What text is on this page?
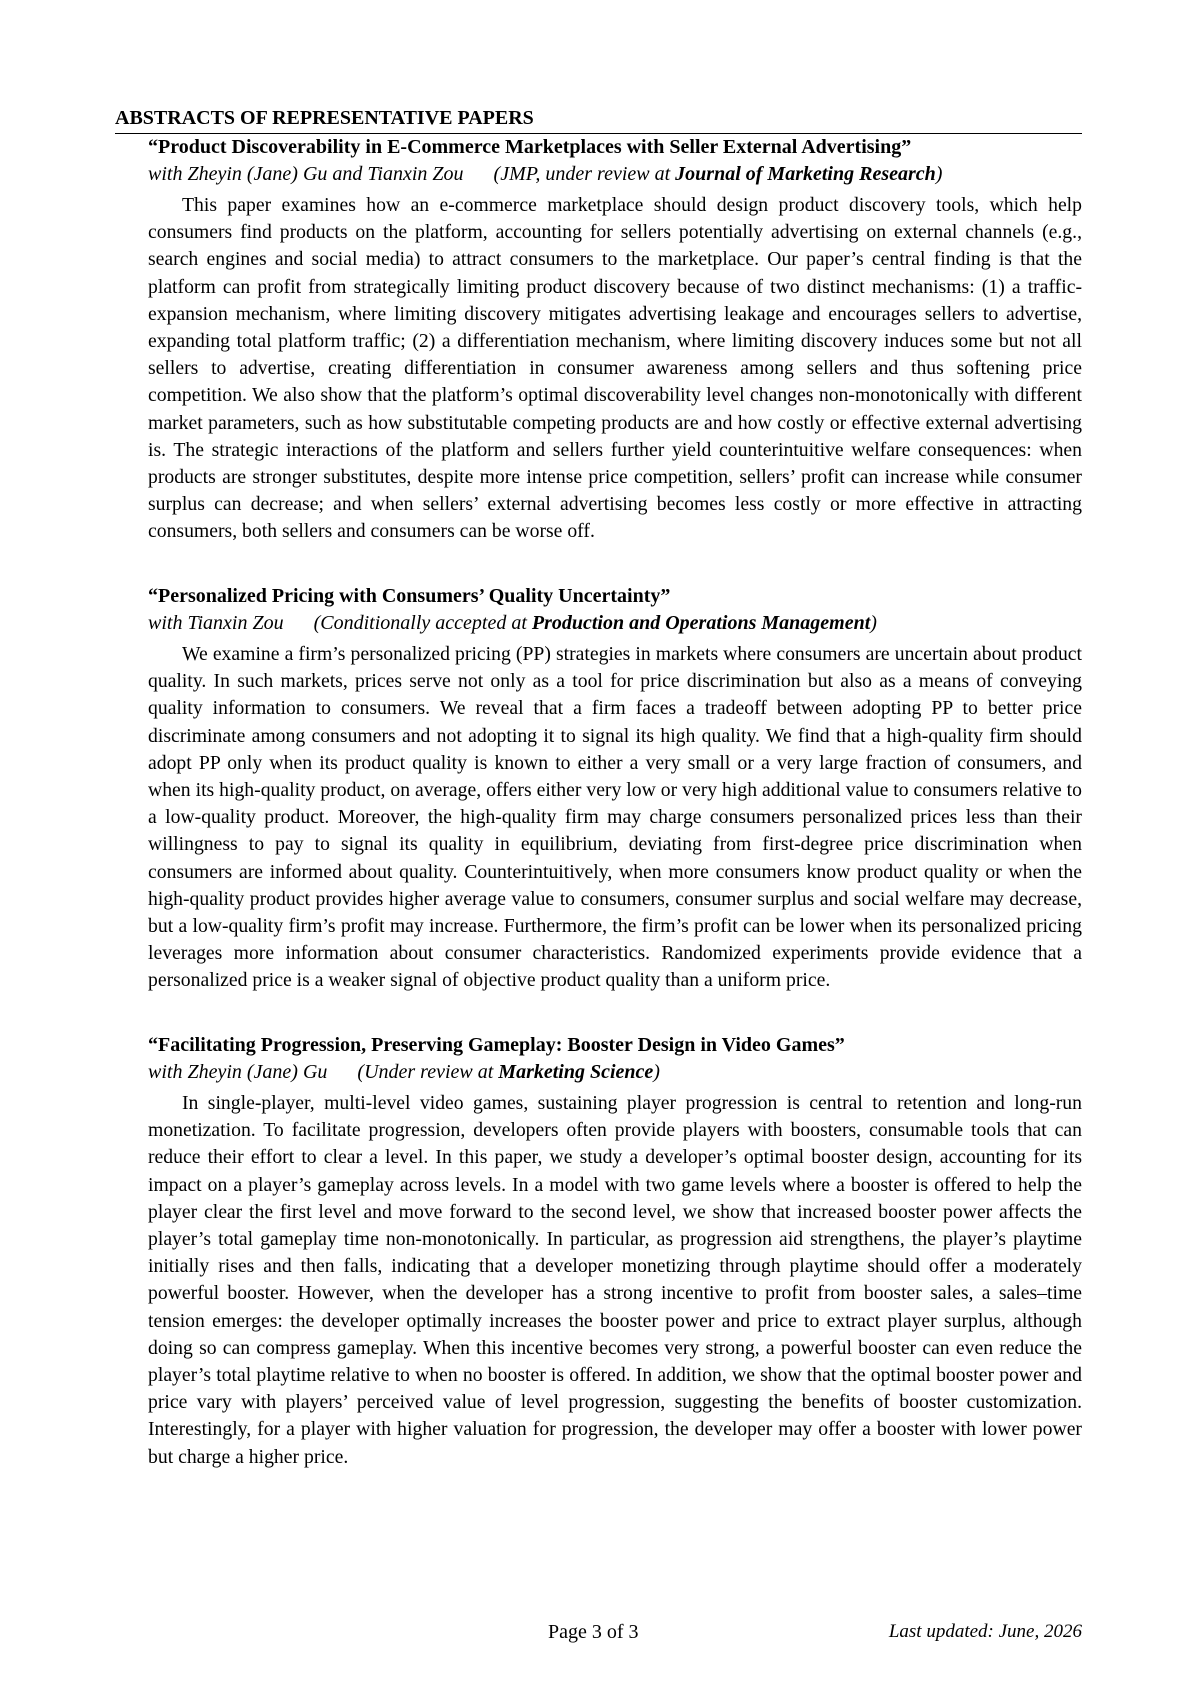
ABSTRACTS OF REPRESENTATIVE PAPERS
“Product Discoverability in E-Commerce Marketplaces with Seller External Advertising”
with Zheyin (Jane) Gu and Tianxin Zou (JMP, under review at Journal of Marketing Research)

This paper examines how an e-commerce marketplace should design product discovery tools, which help consumers find products on the platform, accounting for sellers potentially advertising on external channels (e.g., search engines and social media) to attract consumers to the marketplace. Our paper’s central finding is that the platform can profit from strategically limiting product discovery because of two distinct mechanisms: (1) a traffic-expansion mechanism, where limiting discovery mitigates advertising leakage and encourages sellers to advertise, expanding total platform traffic; (2) a differentiation mechanism, where limiting discovery induces some but not all sellers to advertise, creating differentiation in consumer awareness among sellers and thus softening price competition. We also show that the platform’s optimal discoverability level changes non-monotonically with different market parameters, such as how substitutable competing products are and how costly or effective external advertising is. The strategic interactions of the platform and sellers further yield counterintuitive welfare consequences: when products are stronger substitutes, despite more intense price competition, sellers’ profit can increase while consumer surplus can decrease; and when sellers’ external advertising becomes less costly or more effective in attracting consumers, both sellers and consumers can be worse off.

“Personalized Pricing with Consumers’ Quality Uncertainty”
with Tianxin Zou (Conditionally accepted at Production and Operations Management)

We examine a firm’s personalized pricing (PP) strategies in markets where consumers are uncertain about product quality. In such markets, prices serve not only as a tool for price discrimination but also as a means of conveying quality information to consumers. We reveal that a firm faces a tradeoff between adopting PP to better price discriminate among consumers and not adopting it to signal its high quality. We find that a high-quality firm should adopt PP only when its product quality is known to either a very small or a very large fraction of consumers, and when its high-quality product, on average, offers either very low or very high additional value to consumers relative to a low-quality product. Moreover, the high-quality firm may charge consumers personalized prices less than their willingness to pay to signal its quality in equilibrium, deviating from first-degree price discrimination when consumers are informed about quality. Counterintuitively, when more consumers know product quality or when the high-quality product provides higher average value to consumers, consumer surplus and social welfare may decrease, but a low-quality firm’s profit may increase. Furthermore, the firm’s profit can be lower when its personalized pricing leverages more information about consumer characteristics. Randomized experiments provide evidence that a personalized price is a weaker signal of objective product quality than a uniform price.

“Facilitating Progression, Preserving Gameplay: Booster Design in Video Games”
with Zheyin (Jane) Gu (Under review at Marketing Science)

In single-player, multi-level video games, sustaining player progression is central to retention and long-run monetization. To facilitate progression, developers often provide players with boosters, consumable tools that can reduce their effort to clear a level. In this paper, we study a developer’s optimal booster design, accounting for its impact on a player’s gameplay across levels. In a model with two game levels where a booster is offered to help the player clear the first level and move forward to the second level, we show that increased booster power affects the player’s total gameplay time non-monotonically. In particular, as progression aid strengthens, the player’s playtime initially rises and then falls, indicating that a developer monetizing through playtime should offer a moderately powerful booster. However, when the developer has a strong incentive to profit from booster sales, a sales–time tension emerges: the developer optimally increases the booster power and price to extract player surplus, although doing so can compress gameplay. When this incentive becomes very strong, a powerful booster can even reduce the player’s total playtime relative to when no booster is offered. In addition, we show that the optimal booster power and price vary with players’ perceived value of level progression, suggesting the benefits of booster customization. Interestingly, for a player with higher valuation for progression, the developer may offer a booster with lower power but charge a higher price.

Page 3 of 3	Last updated: June, 2026
